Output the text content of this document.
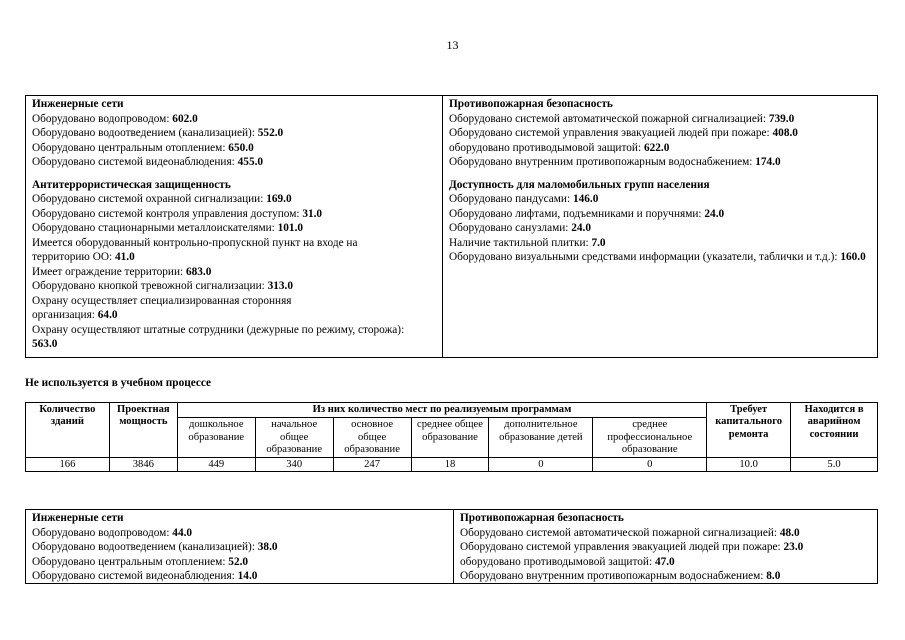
13
Инженерные сети
Оборудовано водопроводом: 602.0
Оборудовано водоотведением (канализацией): 552.0
Оборудовано центральным отоплением: 650.0
Оборудовано системой видеонаблюдения: 455.0
Антитеррористическая защищенность
Оборудовано системой охранной сигнализации: 169.0
Оборудовано системой контроля управления доступом: 31.0
Оборудовано стационарными металлоискателями: 101.0
Имеется оборудованный контрольно-пропускной пункт на входе на территорию ОО: 41.0
Имеет ограждение территории: 683.0
Оборудовано кнопкой тревожной сигнализации: 313.0
Охрану осуществляет специализированная сторонняя организация: 64.0
Охрану осуществляют штатные сотрудники (дежурные по режиму, сторожа): 563.0
Противопожарная безопасность
Оборудовано системой автоматической пожарной сигнализацией: 739.0
Оборудовано системой управления эвакуацией людей при пожаре: 408.0
оборудовано противодымовой защитой: 622.0
Оборудовано внутренним противопожарным водоснабжением: 174.0
Доступность для маломобильных групп населения
Оборудовано пандусами: 146.0
Оборудовано лифтами, подъемниками и поручнями: 24.0
Оборудовано санузлами: 24.0
Наличие тактильной плитки: 7.0
Оборудовано визуальными средствами информации (указатели, таблички и т.д.): 160.0
Не используется в учебном процессе
Количество зданий	Проектная мощность	Из них количество мест по реализуемым программам						Требует капитального ремонта	Находится в аварийном состоянии
		дошкольное образование	начальное общее образование	основное общее образование	среднее общее образование	дополнительное образование детей	среднее профессиональное образование		
166	3846	449	340	247	18	0	0	10.0	5.0
Инженерные сети
Оборудовано водопроводом: 44.0
Оборудовано водоотведением (канализацией): 38.0
Оборудовано центральным отоплением: 52.0
Оборудовано системой видеонаблюдения: 14.0
Противопожарная безопасность
Оборудовано системой автоматической пожарной сигнализацией: 48.0
Оборудовано системой управления эвакуацией людей при пожаре: 23.0
оборудовано противодымовой защитой: 47.0
Оборудовано внутренним противопожарным водоснабжением: 8.0
